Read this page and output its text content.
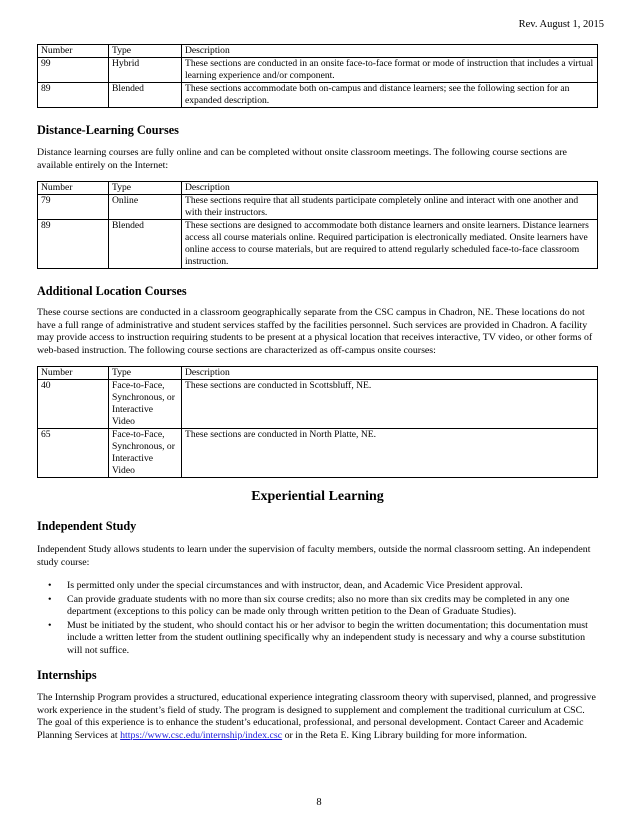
Rev. August 1, 2015
Number	Type	Description
99	Hybrid	These sections are conducted in an onsite face-to-face format or mode of instruction that includes a virtual learning experience and/or component.
89	Blended	These sections accommodate both on-campus and distance learners; see the following section for an expanded description.
Distance-Learning Courses

Distance learning courses are fully online and can be completed without onsite classroom meetings. The following course sections are available entirely on the Internet:

Number	Type	Description
79	Online	These sections require that all students participate completely online and interact with one another and with their instructors.
89	Blended	These sections are designed to accommodate both distance learners and onsite learners. Distance learners access all course materials online. Required participation is electronically mediated. Onsite learners have online access to course materials, but are required to attend regularly scheduled face-to-face classroom instruction.
Additional Location Courses

These course sections are conducted in a classroom geographically separate from the CSC campus in Chadron, NE. These locations do not have a full range of administrative and student services staffed by the facilities personnel. Such services are provided in Chadron. A facility may provide access to instruction requiring students to be present at a physical location that receives interactive, TV video, or other forms of web-based instruction. The following course sections are characterized as off-campus onsite courses:

Number	Type	Description
40	Face-to-Face, Synchronous, or Interactive Video	These sections are conducted in Scottsbluff, NE.
65	Face-to-Face, Synchronous, or Interactive Video	These sections are conducted in North Platte, NE.
Experiential Learning
Independent Study

Independent Study allows students to learn under the supervision of faculty members, outside the normal classroom setting. An independent study course:

• Is permitted only under the special circumstances and with instructor, dean, and Academic Vice President approval.
• Can provide graduate students with no more than six course credits; also no more than six credits may be completed in any one department (exceptions to this policy can be made only through written petition to the Dean of Graduate Studies).
• Must be initiated by the student, who should contact his or her advisor to begin the written documentation; this documentation must include a written letter from the student outlining specifically why an independent study is necessary and why a course substitution will not suffice.
Internships

The Internship Program provides a structured, educational experience integrating classroom theory with supervised, planned, and progressive work experience in the student’s field of study. The program is designed to supplement and complement the traditional curriculum at CSC. The goal of this experience is to enhance the student’s educational, professional, and personal development. Contact Career and Academic Planning Services at https://www.csc.edu/internship/index.csc or in the Reta E. King Library building for more information.

8
